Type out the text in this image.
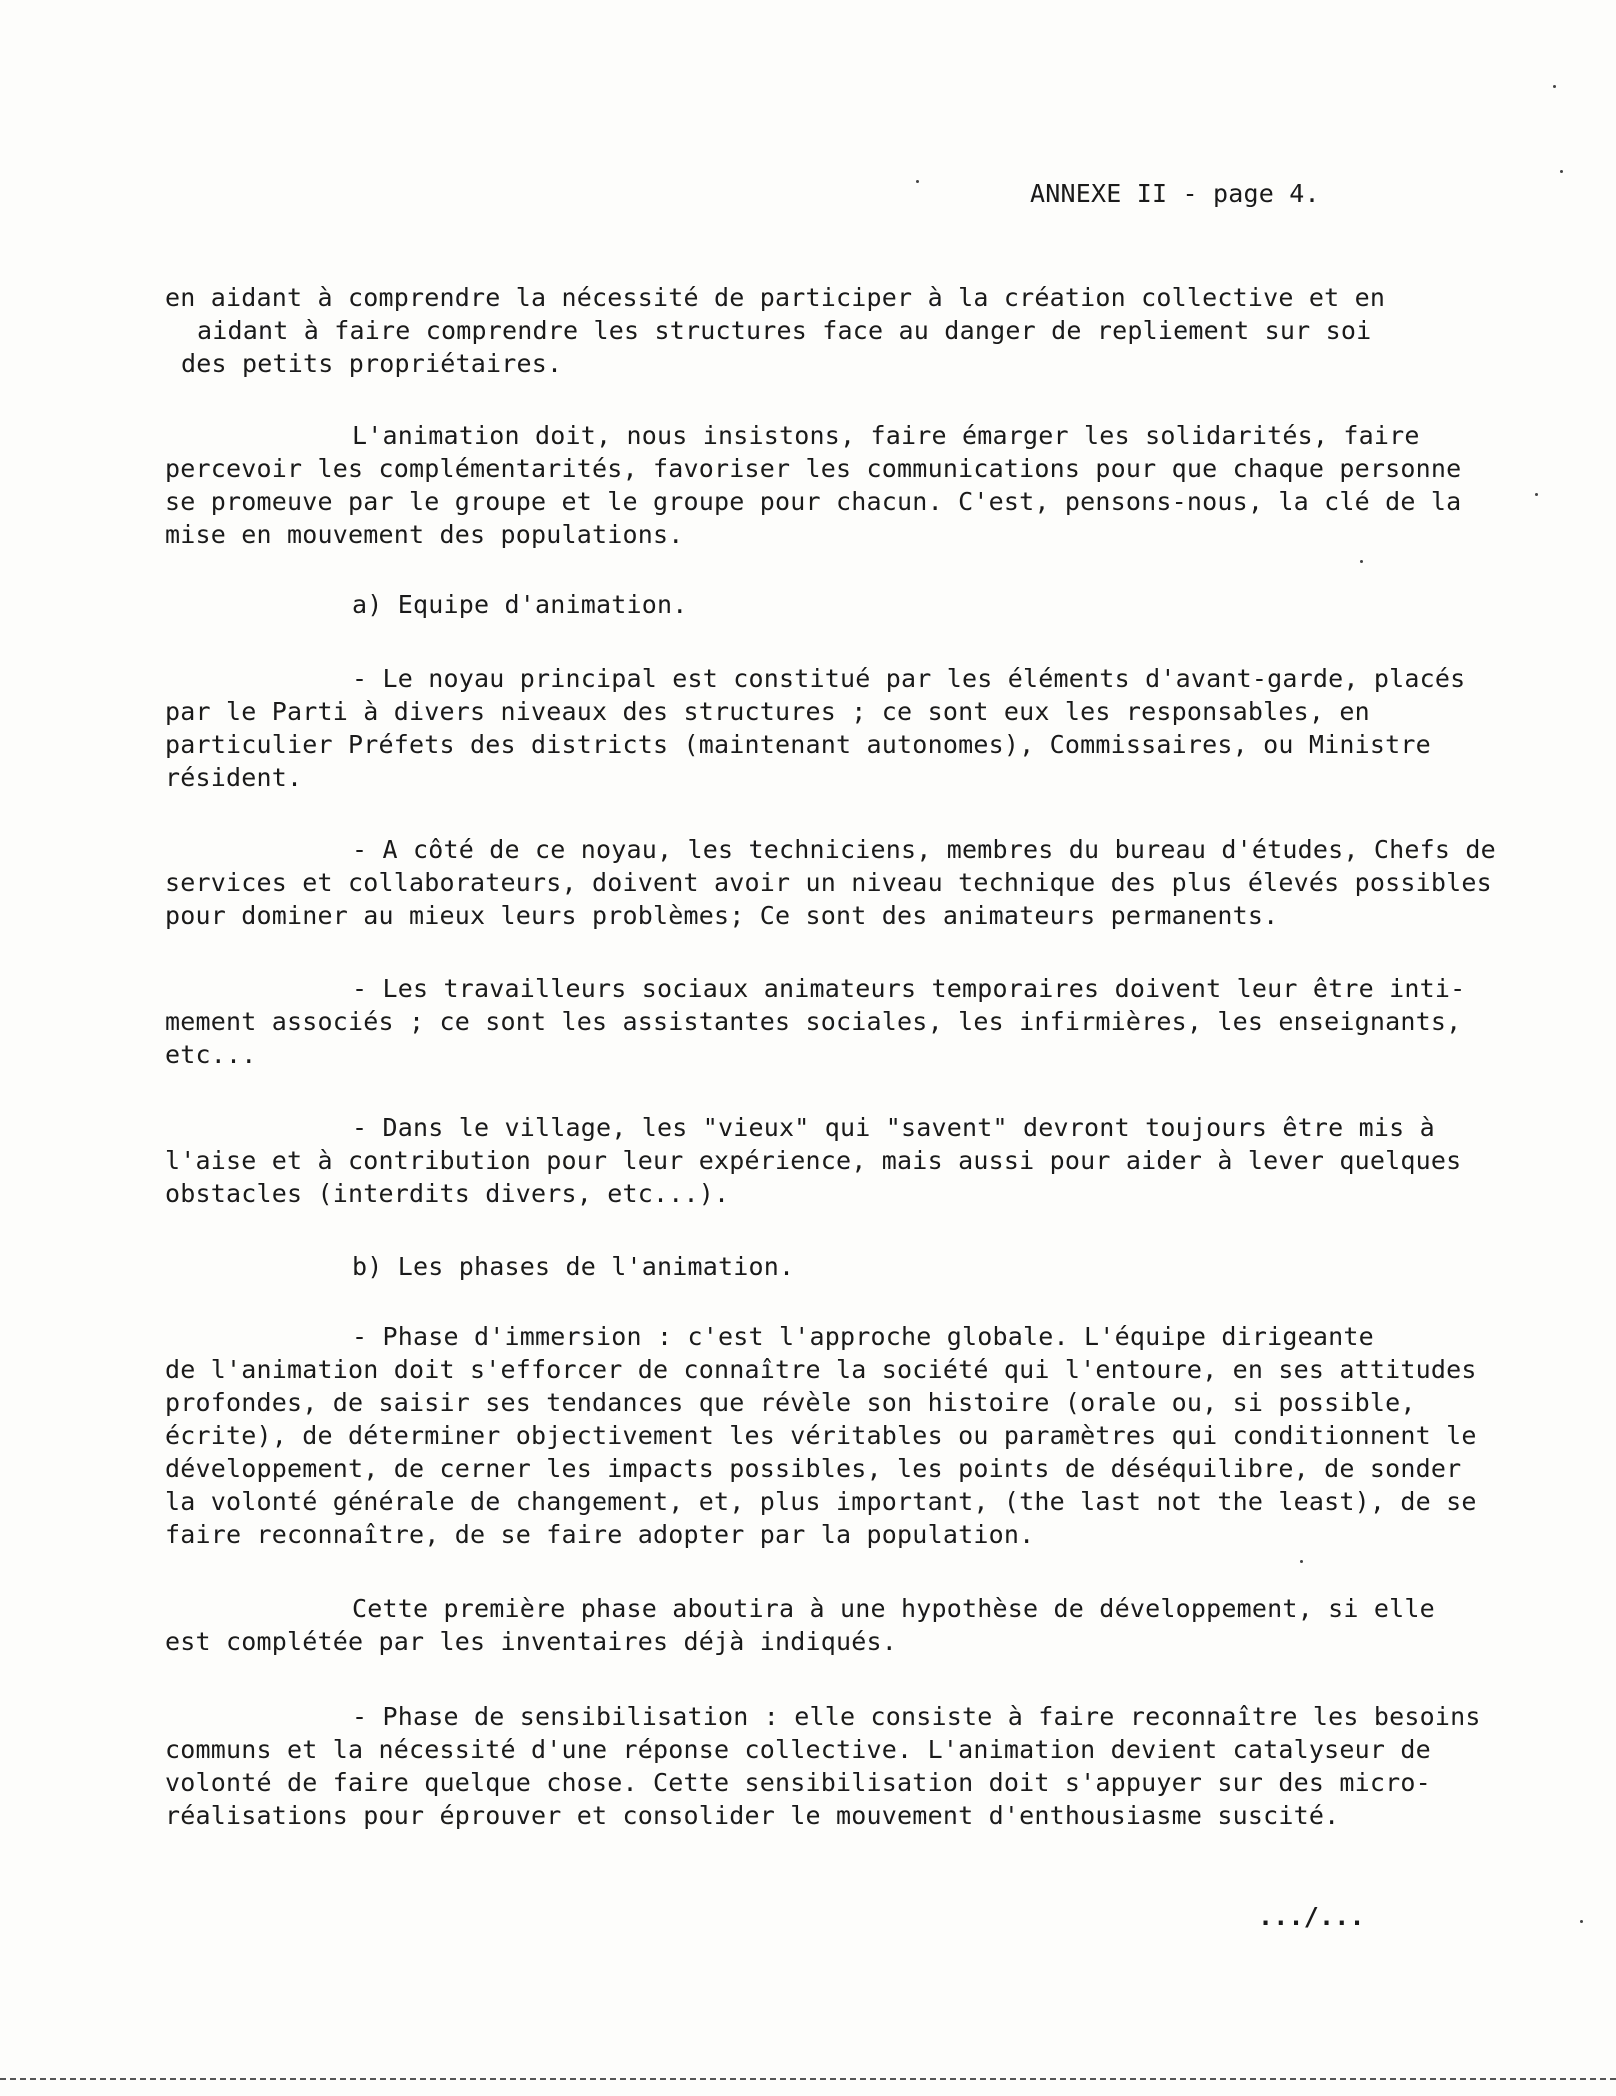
ANNEXE II - page 4.
en aidant à comprendre la nécessité de participer à la création collective et en
aidant à faire comprendre les structures face au danger de repliement sur soi
des petits propriétaires.
L'animation doit, nous insistons, faire émarger les solidarités, faire
percevoir les complémentarités, favoriser les communications pour que chaque personne
se promeuve par le groupe et le groupe pour chacun. C'est, pensons-nous, la clé de la
mise en mouvement des populations.
a) Equipe d'animation.
- Le noyau principal est constitué par les éléments d'avant-garde, placés
par le Parti à divers niveaux des structures ; ce sont eux les responsables, en
particulier Préfets des districts (maintenant autonomes), Commissaires, ou Ministre
résident.
- A côté de ce noyau, les techniciens, membres du bureau d'études, Chefs de
services et collaborateurs, doivent avoir un niveau technique des plus élevés possibles
pour dominer au mieux leurs problèmes; Ce sont des animateurs permanents.
- Les travailleurs sociaux animateurs temporaires doivent leur être inti-
mement associés ; ce sont les assistantes sociales, les infirmières, les enseignants,
etc...
- Dans le village, les "vieux" qui "savent" devront toujours être mis à
l'aise et à contribution pour leur expérience, mais aussi pour aider à lever quelques
obstacles (interdits divers, etc...).
b) Les phases de l'animation.
- Phase d'immersion : c'est l'approche globale. L'équipe dirigeante
de l'animation doit s'efforcer de connaître la société qui l'entoure, en ses attitudes
profondes, de saisir ses tendances que révèle son histoire (orale ou, si possible,
écrite), de déterminer objectivement les véritables ou paramètres qui conditionnent le
développement, de cerner les impacts possibles, les points de déséquilibre, de sonder
la volonté générale de changement, et, plus important, (the last not the least), de se
faire reconnaître, de se faire adopter par la population.
Cette première phase aboutira à une hypothèse de développement, si elle
est complétée par les inventaires déjà indiqués.
- Phase de sensibilisation : elle consiste à faire reconnaître les besoins
communs et la nécessité d'une réponse collective. L'animation devient catalyseur de
volonté de faire quelque chose. Cette sensibilisation doit s'appuyer sur des micro-
réalisations pour éprouver et consolider le mouvement d'enthousiasme suscité.
.../...
